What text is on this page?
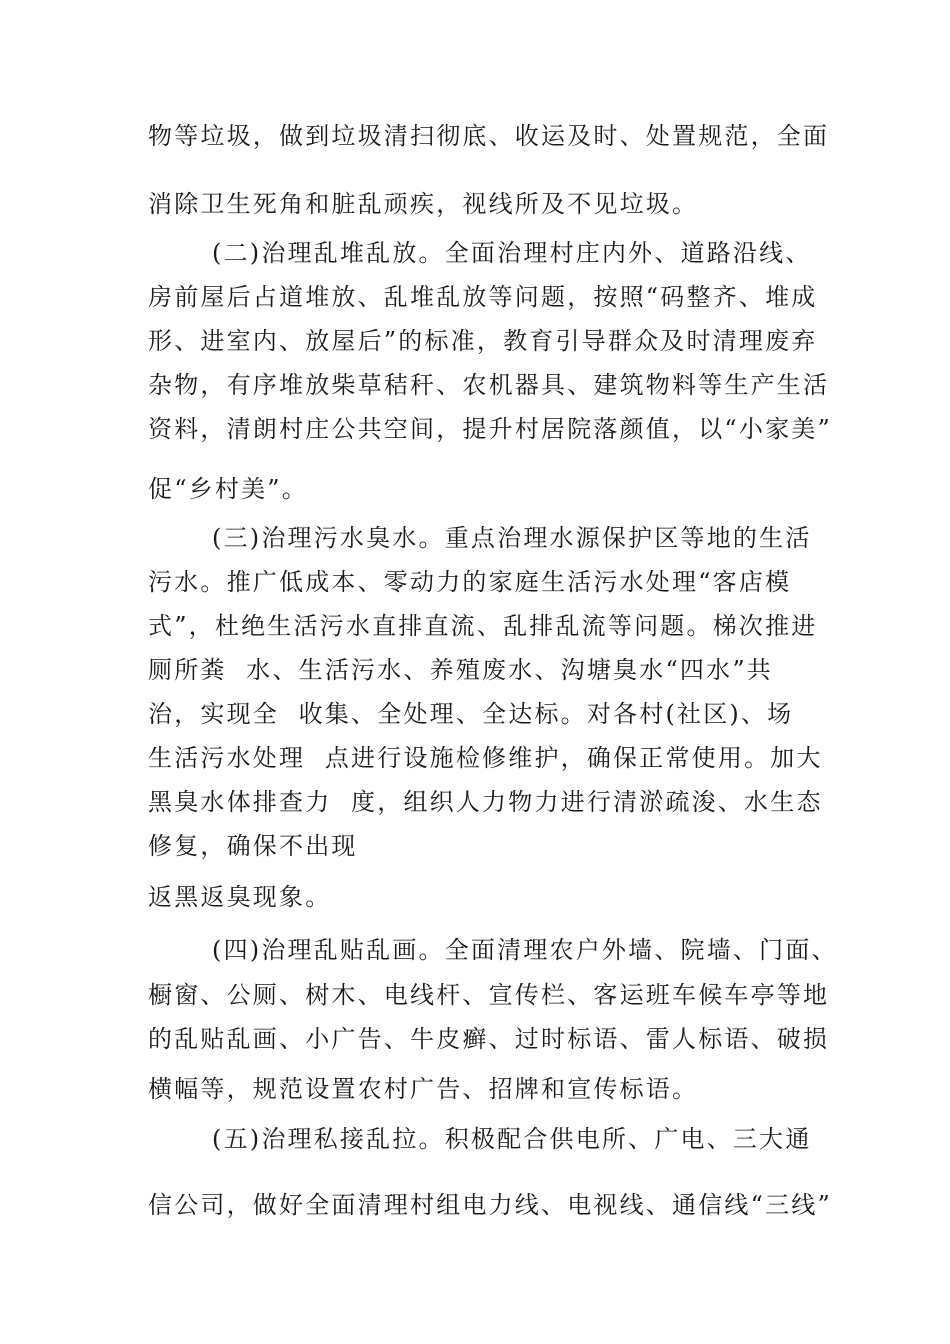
物等垃圾，做到垃圾清扫彻底、收运及时、处置规范，全面
消除卫生死角和脏乱顽疾，视线所及不见垃圾。
(二)治理乱堆乱放。全面治理村庄内外、道路沿线、
房前屋后占道堆放、乱堆乱放等问题，按照“码整齐、堆成
形、进室内、放屋后”的标准，教育引导群众及时清理废弃
杂物，有序堆放柴草秸秆、农机器具、建筑物料等生产生活
资料，清朗村庄公共空间，提升村居院落颜值，以“小家美”
促“乡村美”。
(三)治理污水臭水。重点治理水源保护区等地的生活
污水。推广低成本、零动力的家庭生活污水处理“客店模
式”，杜绝生活污水直排直流、乱排乱流等问题。梯次推进
厕所粪  水、生活污水、养殖废水、沟塘臭水“四水”共
治，实现全  收集、全处理、全达标。对各村(社区)、场
生活污水处理  点进行设施检修维护，确保正常使用。加大
黑臭水体排查力  度，组织人力物力进行清淤疏浚、水生态
修复，确保不出现
返黑返臭现象。
(四)治理乱贴乱画。全面清理农户外墙、院墙、门面、
橱窗、公厕、树木、电线杆、宣传栏、客运班车候车亭等地
的乱贴乱画、小广告、牛皮癣、过时标语、雷人标语、破损
横幅等，规范设置农村广告、招牌和宣传标语。
(五)治理私接乱拉。积极配合供电所、广电、三大通
信公司，做好全面清理村组电力线、电视线、通信线“三线”
